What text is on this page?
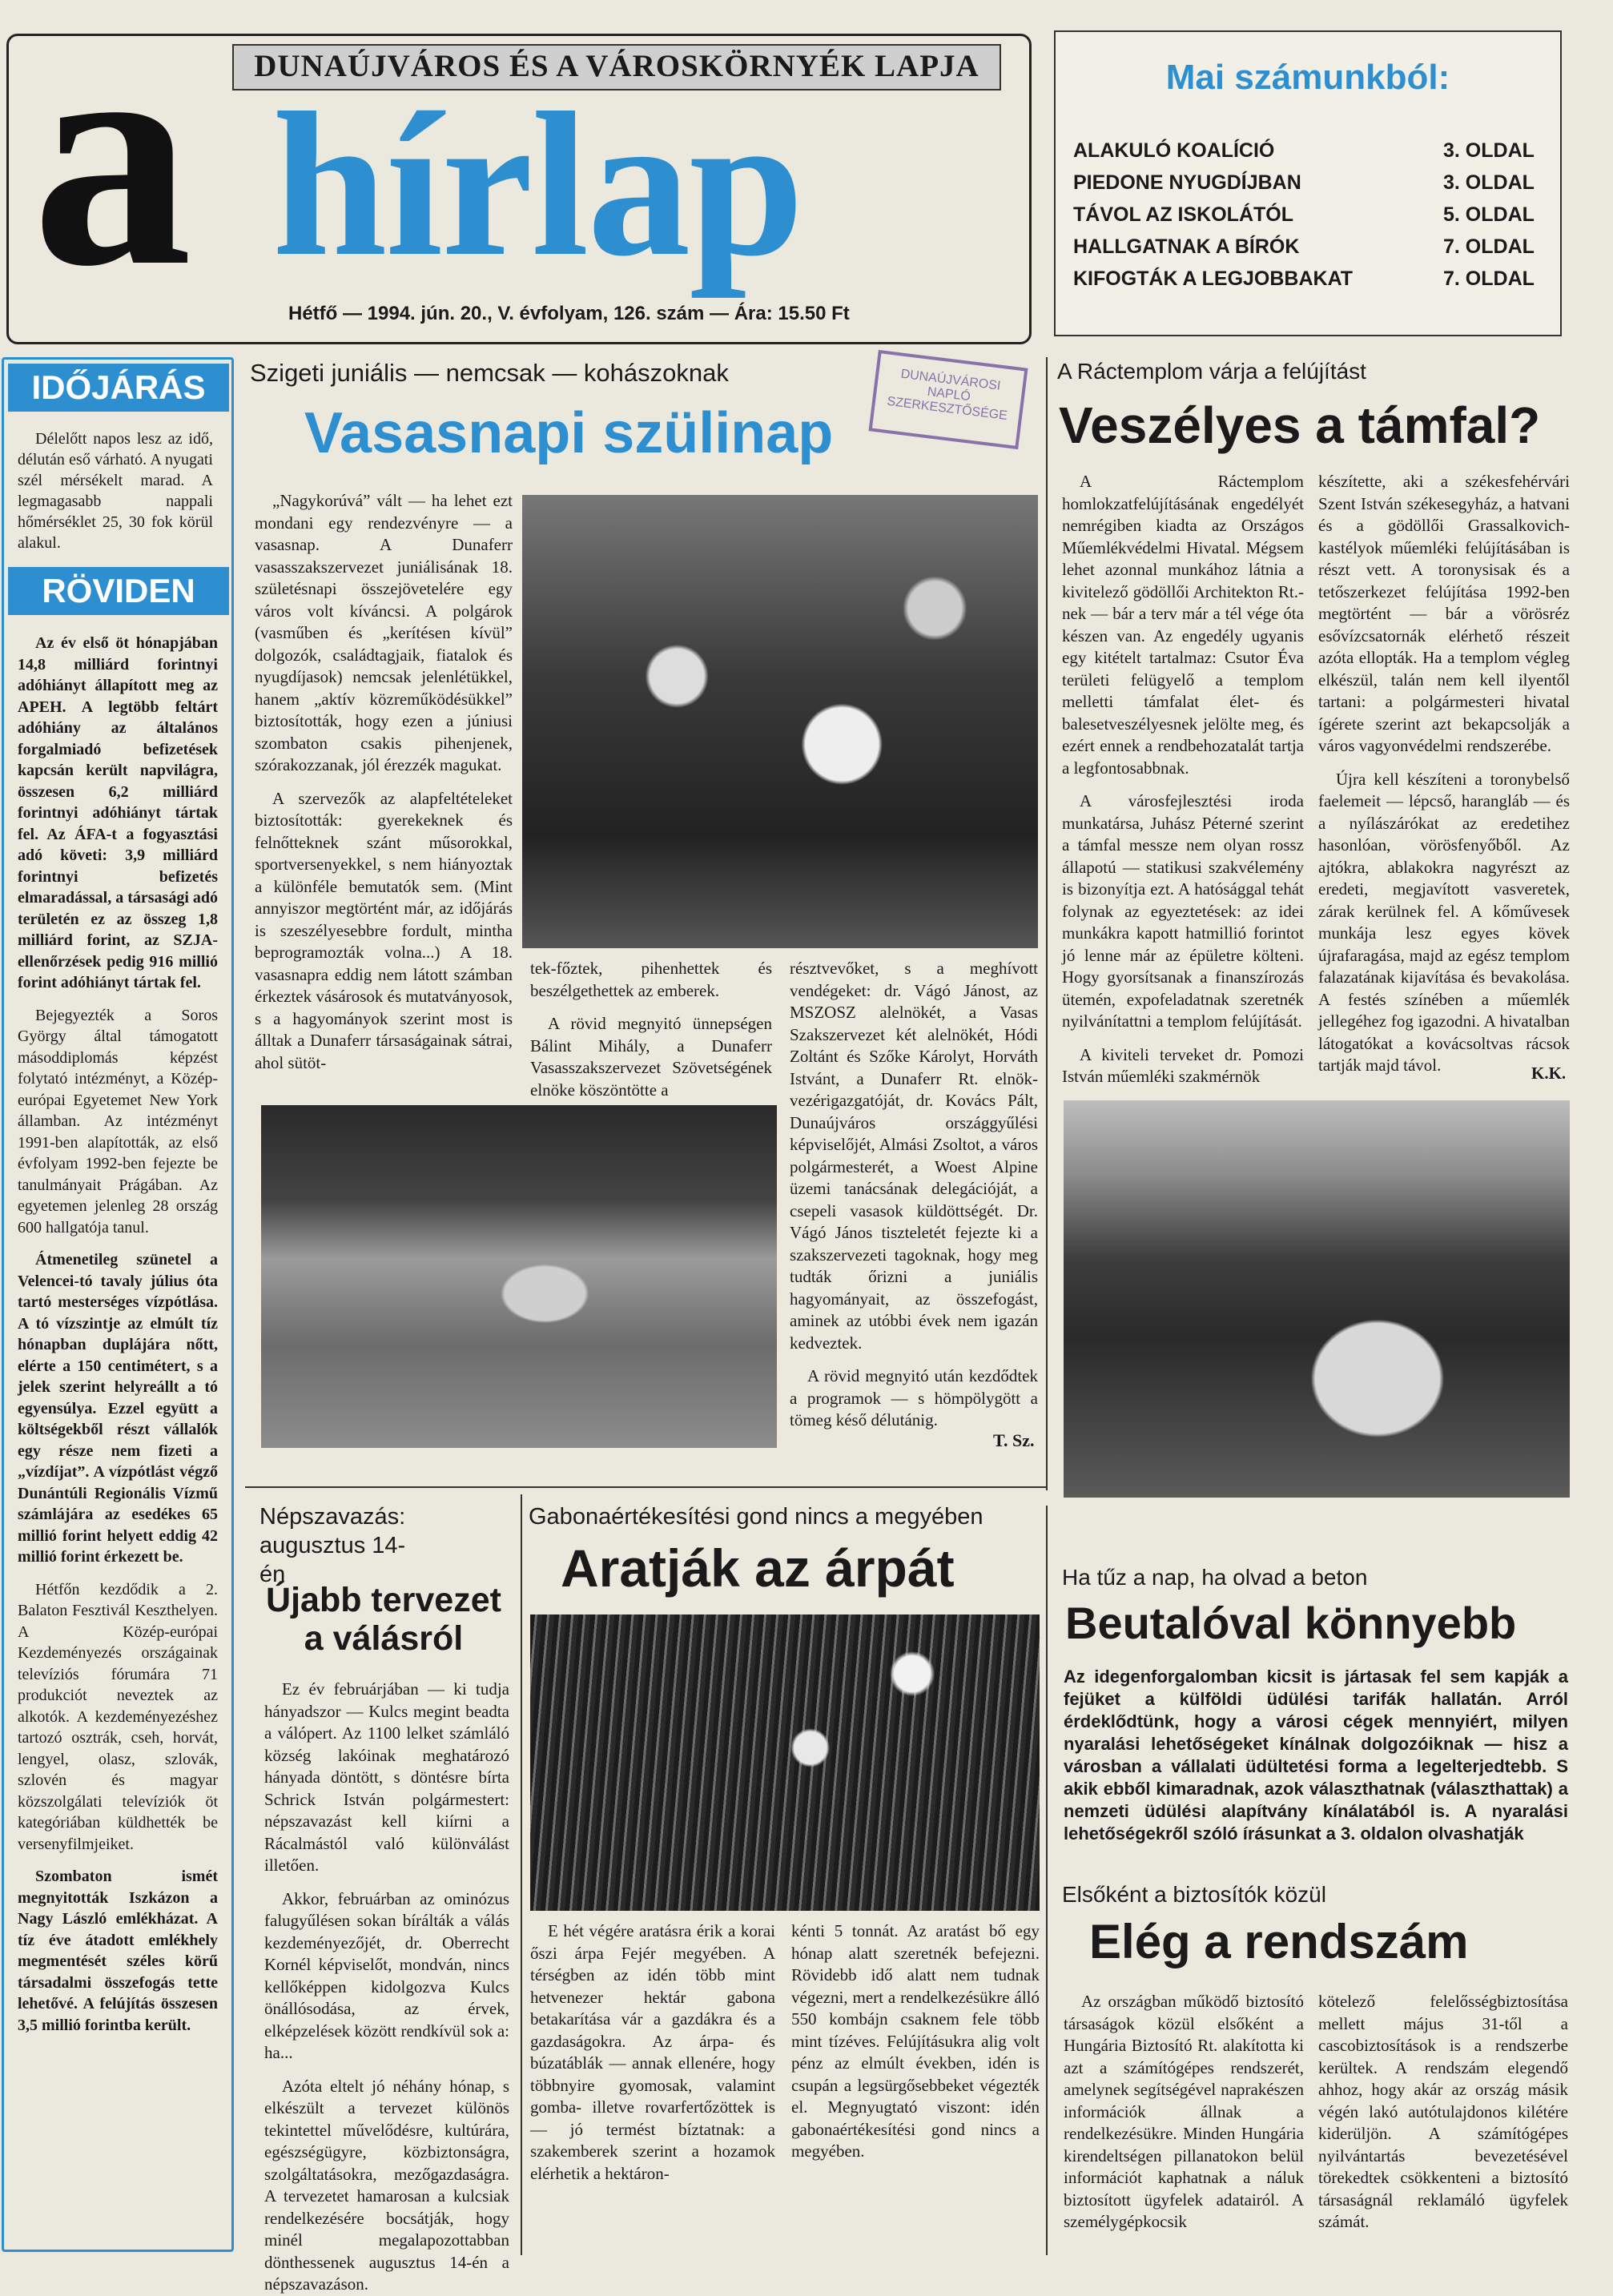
DUNAÚJVÁROS ÉS A VÁROSKÖRNYÉK LAPJA
a hírlap
Hétfő — 1994. jún. 20., V. évfolyam, 126. szám — Ára: 15.50 Ft
Mai számunkból:
ALAKULÓ KOALÍCIÓ	3. OLDAL
PIEDONE NYUGDÍJBAN	3. OLDAL
TÁVOL AZ ISKOLÁTÓL	5. OLDAL
HALLGATNAK A BÍRÓK	7. OLDAL
KIFOGTÁK A LEGJOBBAKAT	7. OLDAL
IDŐJÁRÁS

Délelőtt napos lesz az idő, délután eső várható. A nyugati szél mérsékelt marad. A legmagasabb nappali hőmérséklet 25, 30 fok körül alakul.

RÖVIDEN

Az év első öt hónapjában 14,8 milliárd forintnyi adóhiányt állapított meg az APEH. A legtöbb feltárt adóhiány az általános forgalmiadó befizetések kapcsán került napvilágra, összesen 6,2 milliárd forintnyi adóhiányt tártak fel. Az ÁFA-t a fogyasztási adó követi: 3,9 milliárd forintnyi befizetés elmaradással, a társasági adó területén ez az összeg 1,8 milliárd forint, az SZJA-ellenőrzések pedig 916 millió forint adóhiányt tártak fel.

Bejegyezték a Soros György által támogatott másoddiplomás képzést folytató intézményt, a Közép-európai Egyetemet New York államban. Az intézményt 1991-ben alapították, az első évfolyam 1992-ben fejezte be tanulmányait Prágában. Az egyetemen jelenleg 28 ország 600 hallgatója tanul.

Átmenetileg szünetel a Velencei-tó tavaly július óta tartó mesterséges vízpótlása. A tó vízszintje az elmúlt tíz hónapban duplájára nőtt, elérte a 150 centimétert, s a jelek szerint helyreállt a tó egyensúlya. Ezzel együtt a költségekből részt vállalók egy része nem fizeti a „vízdíjat”. A vízpótlást végző Dunántúli Regionális Vízmű számlájára az esedékes 65 millió forint helyett eddig 42 millió forint érkezett be.

Hétfőn kezdődik a 2. Balaton Fesztivál Keszthelyen. A Közép-európai Kezdeményezés országainak televíziós fórumára 71 produkciót neveztek az alkotók. A kezdeményezéshez tartozó osztrák, cseh, horvát, lengyel, olasz, szlovák, szlovén és magyar közszolgálati televíziók öt kategóriában küldhették be versenyfilmjeiket.

Szombaton ismét megnyitották Iszkázon a Nagy László emlékházat. A tíz éve átadott emlékhely megmentését széles körű társadalmi összefogás tette lehetővé. A felújítás összesen 3,5 millió forintba került.

Szigeti juniális — nemcsak — kohászoknak
Vasasnapi szülinap
DUNAÚJVÁROSI NAPLÓ SZERKESZTŐSÉGE

„Nagykorúvá” vált — ha lehet ezt mondani egy rendezvényre — a vasasnap. A Dunaferr vasasszakszervezet juniálisának 18. születésnapi összejövetelére egy város volt kíváncsi. A polgárok (vasműben és „kerítésen kívül” dolgozók, családtagjaik, fiatalok és nyugdíjasok) nemcsak jelenlétükkel, hanem „aktív közreműködésükkel” biztosították, hogy ezen a júniusi szombaton csakis pihenjenek, szórakozzanak, jól érezzék magukat.

A szervezők az alapfeltételeket biztosították: gyerekeknek és felnőtteknek szánt műsorokkal, sportversenyekkel, s nem hiányoztak a különféle bemutatók sem. (Mint annyiszor megtörtént már, az időjárás is szeszélyesebbre fordult, mintha beprogramozták volna...) A 18. vasasnapra eddig nem látott számban érkeztek vásárosok és mutatványosok, s a hagyományok szerint most is álltak a Dunaferr társaságainak sátrai, ahol sütöt-

tek-főztek, pihenhettek és beszélgethettek az emberek.

A rövid megnyitó ünnepségen Bálint Mihály, a Dunaferr Vasasszakszervezet Szövetségének elnöke köszöntötte a

résztvevőket, s a meghívott vendégeket: dr. Vágó Jánost, az MSZOSZ alelnökét, a Vasas Szakszervezet két alelnökét, Hódi Zoltánt és Szőke Károlyt, Horváth Istvánt, a Dunaferr Rt. elnök-vezérigazgatóját, dr. Kovács Pált, Dunaújváros országgyűlési képviselőjét, Almási Zsoltot, a város polgármesterét, a Woest Alpine üzemi tanácsának delegációját, a csepeli vasasok küldöttségét. Dr. Vágó János tiszteletét fejezte ki a szakszervezeti tagoknak, hogy meg tudták őrizni a juniális hagyományait, az összefogást, aminek az utóbbi évek nem igazán kedveztek.

A rövid megnyitó után kezdődtek a programok — s hömpölygött a tömeg késő délutánig.

T. Sz.
A Ráctemplom várja a felújítást
Veszélyes a támfal?

A Ráctemplom homlokzatfelújításának engedélyét nemrégiben kiadta az Országos Műemlékvédelmi Hivatal. Mégsem lehet azonnal munkához látnia a kivitelező gödöllői Architekton Rt.-nek — bár a terv már a tél vége óta készen van. Az engedély ugyanis egy kitételt tartalmaz: Csutor Éva területi felügyelő a templom melletti támfalat élet- és balesetveszélyesnek jelölte meg, és ezért ennek a rendbehozatalát tartja a legfontosabbnak.

A városfejlesztési iroda munkatársa, Juhász Péterné szerint a támfal messze nem olyan rossz állapotú — statikusi szakvélemény is bizonyítja ezt. A hatósággal tehát folynak az egyeztetések: az idei munkákra kapott hatmillió forintot jó lenne már az épületre költeni. Hogy gyorsítsanak a finanszírozás ütemén, expofeladatnak szeretnék nyilvánítattni a templom felújítását.

A kiviteli terveket dr. Pomozi István műemléki szakmérnök

készítette, aki a székesfehérvári Szent István székesegyház, a hatvani és a gödöllői Grassalkovich-kastélyok műemléki felújításában is részt vett. A toronysisak és a tetőszerkezet felújítása 1992-ben megtörtént — bár a vörösréz esővízcsatornák elérhető részeit azóta ellopták. Ha a templom végleg elkészül, talán nem kell ilyentől tartani: a polgármesteri hivatal ígérete szerint azt bekapcsolják a város vagyonvédelmi rendszerébe.

Újra kell készíteni a toronybelső faelemeit — lépcső, harangláb — és a nyílászárókat az eredetihez hasonlóan, vörösfenyőből. Az ajtókra, ablakokra nagyrészt az eredeti, megjavított vasveretek, zárak kerülnek fel. A kőművesek munkája lesz egyes kövek újrafaragása, majd az egész templom falazatának kijavítása és bevakolása. A festés színében a műemlék jellegéhez fog igazodni. A hivatalban látogatókat a kovácsoltvas rácsok tartják majd távol.	K.K.
Népszavazás: augusztus 14-én
Újabb tervezet a válásról

Ez év februárjában — ki tudja hányadszor — Kulcs megint beadta a válópert. Az 1100 lelket számláló község lakóinak meghatározó hányada döntött, s döntésre bírta Schrick István polgármestert: népszavazást kell kiírni a Rácalmástól való különválást illetően.

Akkor, februárban az ominózus falugyűlésen sokan bírálták a válás kezdeményezőjét, dr. Oberrecht Kornél képviselőt, mondván, nincs kellőképpen kidolgozva Kulcs önállósodása, az érvek, elképzelések között rendkívül sok a: ha...

Azóta eltelt jó néhány hónap, s elkészült a tervezet különös tekintettel művelődésre, kultúrára, egészségügyre, közbiztonságra, szolgáltatásokra, mezőgazdaságra. A tervezetet hamarosan a kulcsiak rendelkezésére bocsátják, hogy minél megalapozottabban dönthessenek augusztus 14-én a népszavazáson.

Gabonaértékesítési gond nincs a megyében
Aratják az árpát

E hét végére aratásra érik a korai őszi árpa Fejér megyében. A térségben az idén több mint hetvenezer hektár gabona betakarítása vár a gazdákra és a gazdaságokra. Az árpa- és búzatáblák — annak ellenére, hogy többnyire gyomosak, valamint gomba- illetve rovarfertőzöttek is — jó termést bíztatnak: a szakemberek szerint a hozamok elérhetik a hektáron-

kénti 5 tonnát. Az aratást bő egy hónap alatt szeretnék befejezni. Rövidebb idő alatt nem tudnak végezni, mert a rendelkezésükre álló 550 kombájn csaknem fele több mint tízéves. Felújításukra alig volt pénz az elmúlt években, idén is csupán a legsürgősebbeket végezték el. Megnyugtató viszont: idén gabonaértékesítési gond nincs a megyében.

Ha tűz a nap, ha olvad a beton
Beutalóval könnyebb
Az idegenforgalomban kicsit is jártasak fel sem kapják a fejüket a külföldi üdülési tarifák hallatán. Arról érdeklődtünk, hogy a városi cégek mennyiért, milyen nyaralási lehetőségeket kínálnak dolgozóiknak — hisz a városban a vállalati üdültetési forma a legelterjedtebb. S akik ebből kimaradnak, azok választhatnak (választhattak) a nemzeti üdülési alapítvány kínálatából is. A nyaralási lehetőségekről szóló írásunkat a 3. oldalon olvashatják
Elsőként a biztosítók közül
Elég a rendszám

Az országban működő biztosító társaságok közül elsőként a Hungária Biztosító Rt. alakította ki azt a számítógépes rendszerét, amelynek segítségével naprakészen információk állnak a rendelkezésükre. Minden Hungária kirendeltségen pillanatokon belül információt kaphatnak a náluk biztosított ügyfelek adatairól. A személygépkocsik

kötelező felelősségbiztosítása mellett május 31-től a cascobiztosítások is a rendszerbe kerültek. A rendszám elegendő ahhoz, hogy akár az ország másik végén lakó autótulajdonos kilétére kiderüljön. A számítógépes nyilvántartás bevezetésével törekedtek csökkenteni a biztosító társaságnál reklamáló ügyfelek számát.
